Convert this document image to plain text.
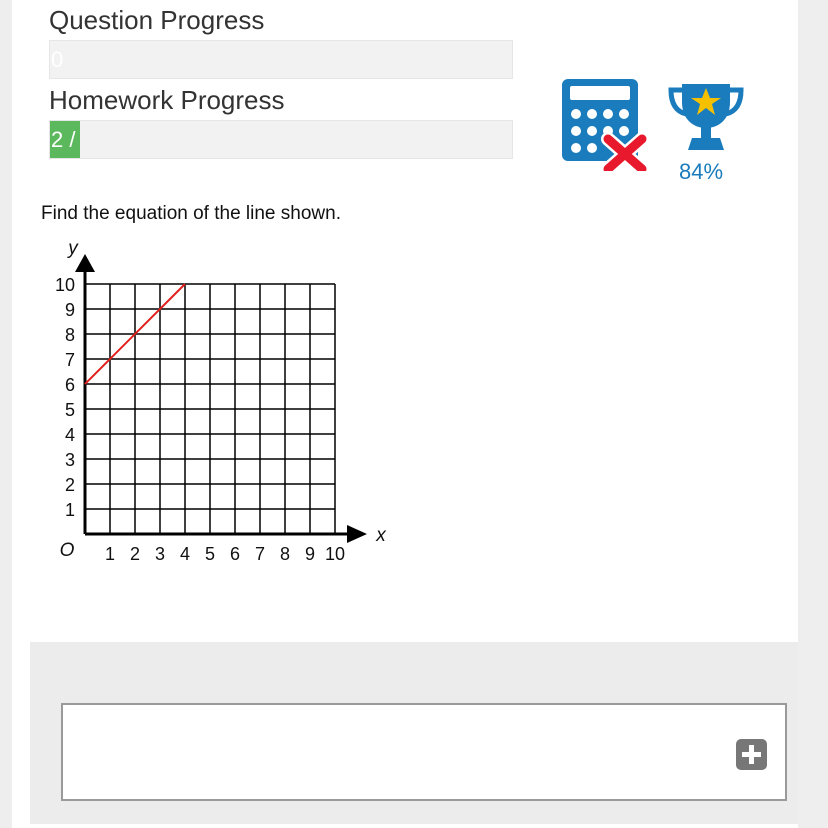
Question Progress
0
Homework Progress
2 /
84%
Find the equation of the line shown.
1 2 3 4 5 6 7 8 9 10
1
2
3
4
5
6
7
8
9
10
O
x
y
